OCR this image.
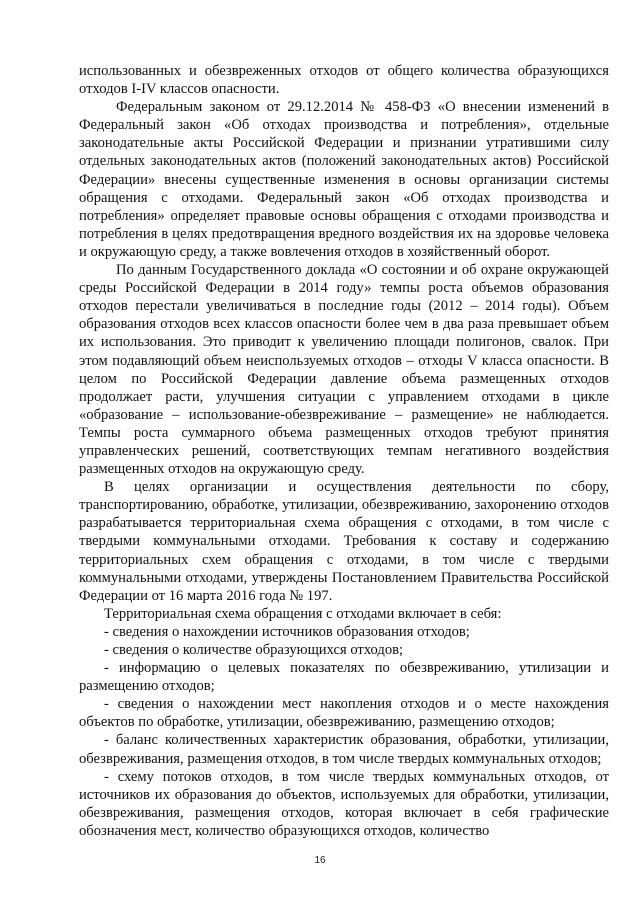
использованных и обезвреженных отходов от общего количества образующихся отходов I-IV классов опасности.

Федеральным законом от 29.12.2014 № 458-ФЗ «О внесении изменений в Федеральный закон «Об отходах производства и потребления», отдельные законодательные акты Российской Федерации и признании утратившими силу отдельных законодательных актов (положений законодательных актов) Российской Федерации» внесены существенные изменения в основы организации системы обращения с отходами. Федеральный закон «Об отходах производства и потребления» определяет правовые основы обращения с отходами производства и потребления в целях предотвращения вредного воздействия их на здоровье человека и окружающую среду, а также вовлечения отходов в хозяйственный оборот.

По данным Государственного доклада «О состоянии и об охране окружающей среды Российской Федерации в 2014 году» темпы роста объемов образования отходов перестали увеличиваться в последние годы (2012 – 2014 годы). Объем образования отходов всех классов опасности более чем в два раза превышает объем их использования. Это приводит к увеличению площади полигонов, свалок. При этом подавляющий объем неиспользуемых отходов – отходы V класса опасности. В целом по Российской Федерации давление объема размещенных отходов продолжает расти, улучшения ситуации с управлением отходами в цикле «образование – использование-обезвреживание – размещение» не наблюдается. Темпы роста суммарного объема размещенных отходов требуют принятия управленческих решений, соответствующих темпам негативного воздействия размещенных отходов на окружающую среду.

В целях организации и осуществления деятельности по сбору, транспортированию, обработке, утилизации, обезвреживанию, захоронению отходов разрабатывается территориальная схема обращения с отходами, в том числе с твердыми коммунальными отходами. Требования к составу и содержанию территориальных схем обращения с отходами, в том числе с твердыми коммунальными отходами, утверждены Постановлением Правительства Российской Федерации от 16 марта 2016 года № 197.

Территориальная схема обращения с отходами включает в себя:

- сведения о нахождении источников образования отходов;

- сведения о количестве образующихся отходов;

- информацию о целевых показателях по обезвреживанию, утилизации и размещению отходов;

- сведения о нахождении мест накопления отходов и о месте нахождения объектов по обработке, утилизации, обезвреживанию, размещению отходов;

- баланс количественных характеристик образования, обработки, утилизации, обезвреживания, размещения отходов, в том числе твердых коммунальных отходов;

- схему потоков отходов, в том числе твердых коммунальных отходов, от источников их образования до объектов, используемых для обработки, утилизации, обезвреживания, размещения отходов, которая включает в себя графические обозначения мест, количество образующихся отходов, количество

16
